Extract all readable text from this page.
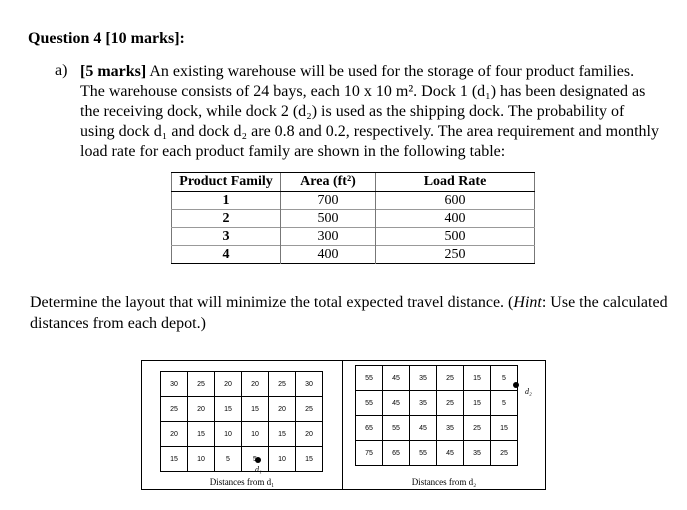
Question 4 [10 marks]:
a) [5 marks] An existing warehouse will be used for the storage of four product families. The warehouse consists of 24 bays, each 10 x 10 m². Dock 1 (d₁) has been designated as the receiving dock, while dock 2 (d₂) is used as the shipping dock. The probability of using dock d₁ and dock d₂ are 0.8 and 0.2, respectively. The area requirement and monthly load rate for each product family are shown in the following table:
Product Family	Area (ft²)	Load Rate
1	700	600
2	500	400
3	300	500
4	400	250
Determine the layout that will minimize the total expected travel distance. (Hint: Use the calculated distances from each depot.)
30	25	20	20	25	30
25	20	15	15	20	25
20	15	10	10	15	20
15	10	5		10	15
d₁
Distances from d₁
55	45	35	25	15	5
55	45	35	25	15	5
65	55	45	35	25	15
75	65	55	45	35	25
d₂
Distances from d₂
